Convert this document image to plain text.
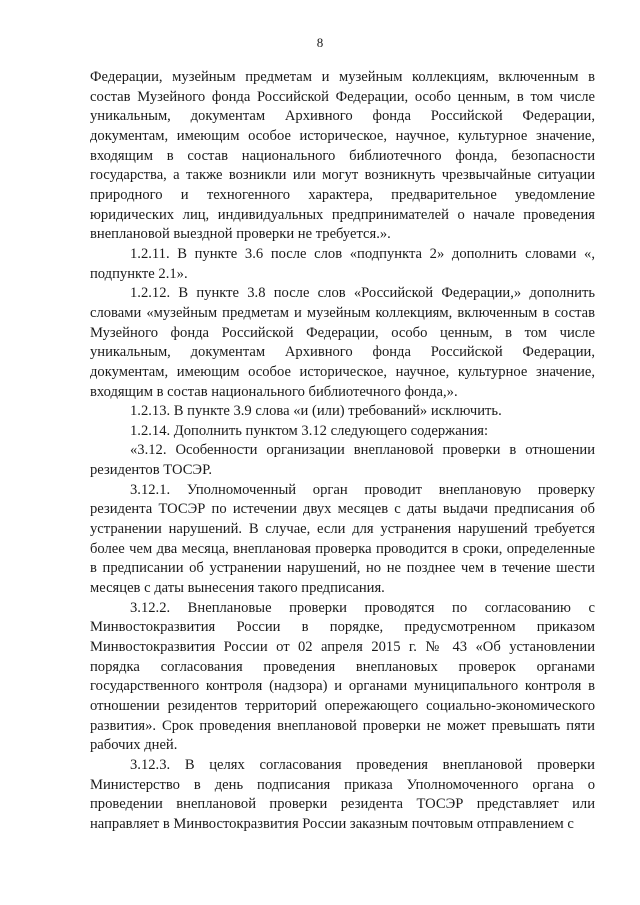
8

Федерации, музейным предметам и музейным коллекциям, включенным в состав Музейного фонда Российской Федерации, особо ценным, в том числе уникальным, документам Архивного фонда Российской Федерации, документам, имеющим особое историческое, научное, культурное значение, входящим в состав национального библиотечного фонда, безопасности государства, а также возникли или могут возникнуть чрезвычайные ситуации природного и техногенного характера, предварительное уведомление юридических лиц, индивидуальных предпринимателей о начале проведения внеплановой выездной проверки не требуется.».

1.2.11. В пункте 3.6 после слов «подпункта 2» дополнить словами «, подпункте 2.1».

1.2.12. В пункте 3.8 после слов «Российской Федерации,» дополнить словами «музейным предметам и музейным коллекциям, включенным в состав Музейного фонда Российской Федерации, особо ценным, в том числе уникальным, документам Архивного фонда Российской Федерации, документам, имеющим особое историческое, научное, культурное значение, входящим в состав национального библиотечного фонда,».

1.2.13. В пункте 3.9 слова «и (или) требований» исключить.

1.2.14. Дополнить пунктом 3.12 следующего содержания:

«3.12. Особенности организации внеплановой проверки в отношении резидентов ТОСЭР.

3.12.1. Уполномоченный орган проводит внеплановую проверку резидента ТОСЭР по истечении двух месяцев с даты выдачи предписания об устранении нарушений. В случае, если для устранения нарушений требуется более чем два месяца, внеплановая проверка проводится в сроки, определенные в предписании об устранении нарушений, но не позднее чем в течение шести месяцев с даты вынесения такого предписания.

3.12.2. Внеплановые проверки проводятся по согласованию с Минвостокразвития России в порядке, предусмотренном приказом Минвостокразвития России от 02 апреля 2015 г. № 43 «Об установлении порядка согласования проведения внеплановых проверок органами государственного контроля (надзора) и органами муниципального контроля в отношении резидентов территорий опережающего социально-экономического развития». Срок проведения внеплановой проверки не может превышать пяти рабочих дней.

3.12.3. В целях согласования проведения внеплановой проверки Министерство в день подписания приказа Уполномоченного органа о проведении внеплановой проверки резидента ТОСЭР представляет или направляет в Минвостокразвития России заказным почтовым отправлением с
